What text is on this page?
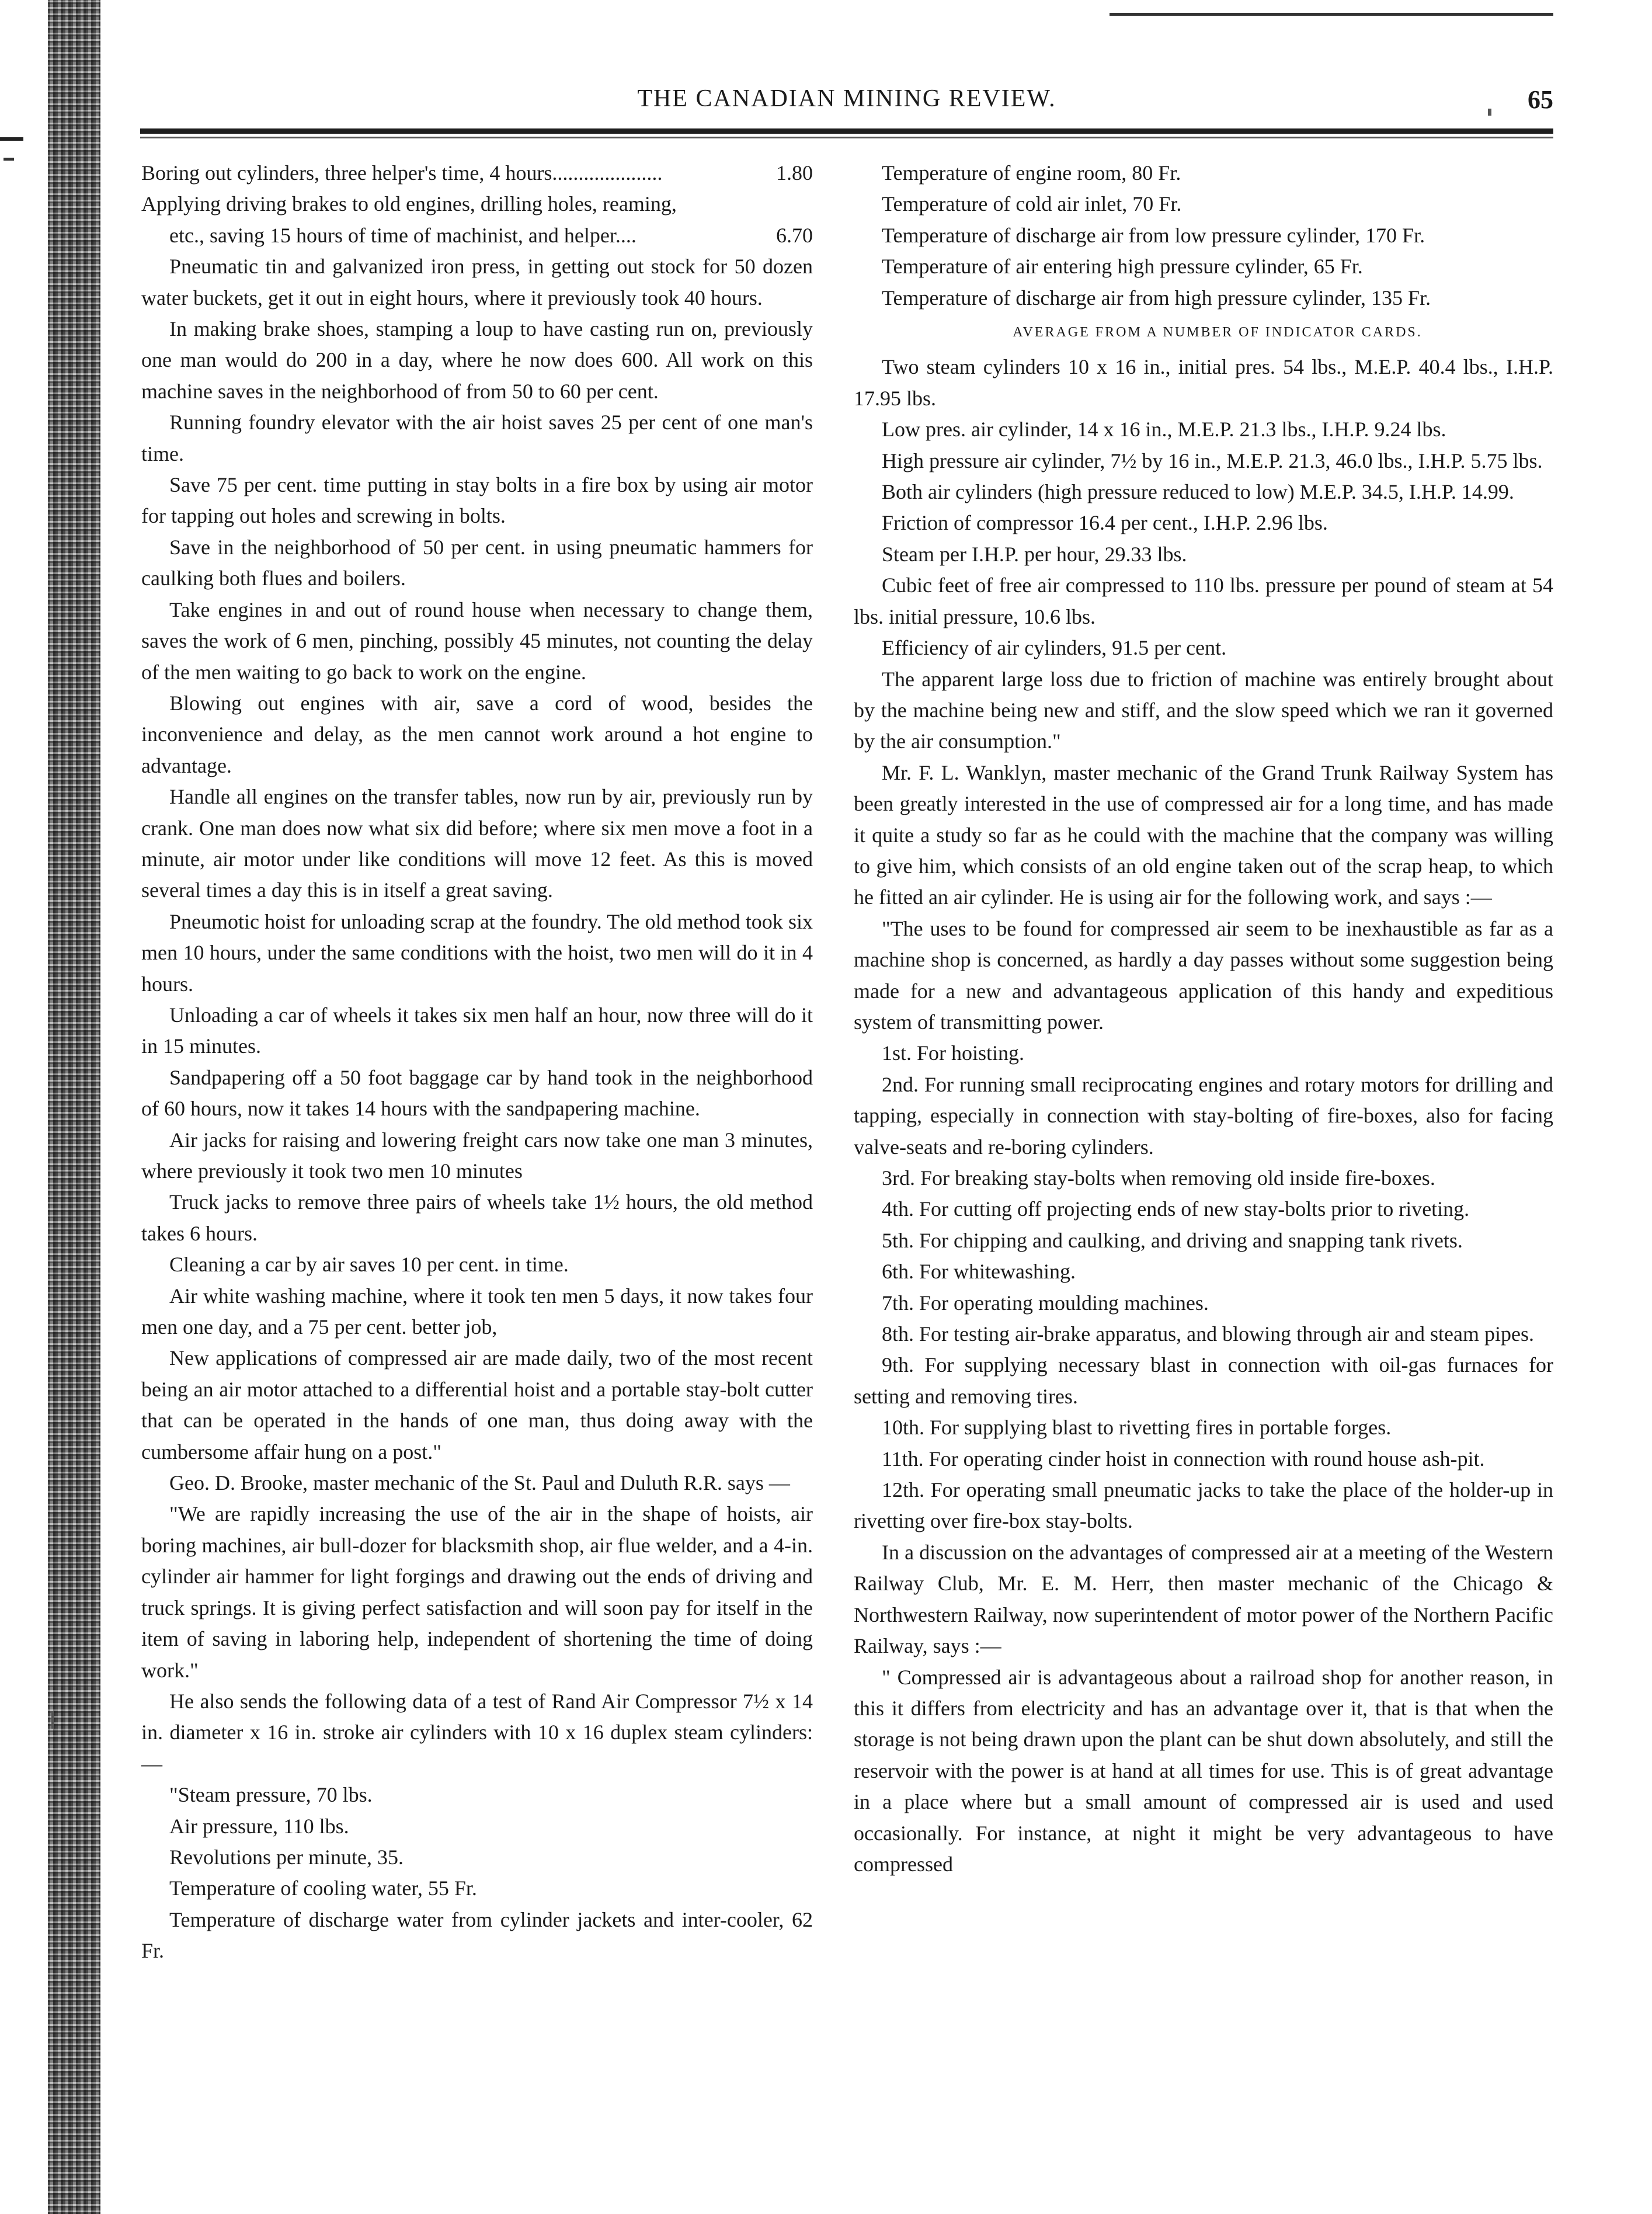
THE CANADIAN MINING REVIEW.	65
Boring out cylinders, three helper's time, 4 hours.....................	1.80
Applying driving brakes to old engines, drilling holes, reaming,
etc., saving 15 hours of time of machinist, and helper....	6.70

Pneumatic tin and galvanized iron press, in getting out stock for 50 dozen water buckets, get it out in eight hours, where it previously took 40 hours.

In making brake shoes, stamping a loup to have casting run on, previously one man would do 200 in a day, where he now does 600. All work on this machine saves in the neighborhood of from 50 to 60 per cent.

Running foundry elevator with the air hoist saves 25 per cent of one man's time.

Save 75 per cent. time putting in stay bolts in a fire box by using air motor for tapping out holes and screwing in bolts.

Save in the neighborhood of 50 per cent. in using pneumatic hammers for caulking both flues and boilers.

Take engines in and out of round house when necessary to change them, saves the work of 6 men, pinching, possibly 45 minutes, not counting the delay of the men waiting to go back to work on the engine.

Blowing out engines with air, save a cord of wood, besides the inconvenience and delay, as the men cannot work around a hot engine to advantage.

Handle all engines on the transfer tables, now run by air, previously run by crank. One man does now what six did before; where six men move a foot in a minute, air motor under like conditions will move 12 feet. As this is moved several times a day this is in itself a great saving.

Pneumotic hoist for unloading scrap at the foundry. The old method took six men 10 hours, under the same conditions with the hoist, two men will do it in 4 hours.

Unloading a car of wheels it takes six men half an hour, now three will do it in 15 minutes.

Sandpapering off a 50 foot baggage car by hand took in the neighborhood of 60 hours, now it takes 14 hours with the sandpapering machine.

Air jacks for raising and lowering freight cars now take one man 3 minutes, where previously it took two men 10 minutes

Truck jacks to remove three pairs of wheels take 1½ hours, the old method takes 6 hours.

Cleaning a car by air saves 10 per cent. in time.

Air white washing machine, where it took ten men 5 days, it now takes four men one day, and a 75 per cent. better job,

New applications of compressed air are made daily, two of the most recent being an air motor attached to a differential hoist and a portable stay-bolt cutter that can be operated in the hands of one man, thus doing away with the cumbersome affair hung on a post."

Geo. D. Brooke, master mechanic of the St. Paul and Duluth R.R. says —

"We are rapidly increasing the use of the air in the shape of hoists, air boring machines, air bull-dozer for blacksmith shop, air flue welder, and a 4-in. cylinder air hammer for light forgings and drawing out the ends of driving and truck springs. It is giving perfect satisfaction and will soon pay for itself in the item of saving in laboring help, independent of shortening the time of doing work."

He also sends the following data of a test of Rand Air Compressor 7½ x 14 in. diameter x 16 in. stroke air cylinders with 10 x 16 duplex steam cylinders:—

"Steam pressure, 70 lbs.

Air pressure, 110 lbs.

Revolutions per minute, 35.

Temperature of cooling water, 55 Fr.

Temperature of discharge water from cylinder jackets and inter-cooler, 62 Fr.

Temperature of engine room, 80 Fr.

Temperature of cold air inlet, 70 Fr.

Temperature of discharge air from low pressure cylinder, 170 Fr.

Temperature of air entering high pressure cylinder, 65 Fr.

Temperature of discharge air from high pressure cylinder, 135 Fr.

AVERAGE FROM A NUMBER OF INDICATOR CARDS.

Two steam cylinders 10 x 16 in., initial pres. 54 lbs., M.E.P. 40.4 lbs., I.H.P. 17.95 lbs.

Low pres. air cylinder, 14 x 16 in., M.E.P. 21.3 lbs., I.H.P. 9.24 lbs.

High pressure air cylinder, 7½ by 16 in., M.E.P. 21.3, 46.0 lbs., I.H.P. 5.75 lbs.

Both air cylinders (high pressure reduced to low) M.E.P. 34.5, I.H.P. 14.99.

Friction of compressor 16.4 per cent., I.H.P. 2.96 lbs.

Steam per I.H.P. per hour, 29.33 lbs.

Cubic feet of free air compressed to 110 lbs. pressure per pound of steam at 54 lbs. initial pressure, 10.6 lbs.

Efficiency of air cylinders, 91.5 per cent.

The apparent large loss due to friction of machine was entirely brought about by the machine being new and stiff, and the slow speed which we ran it governed by the air consumption."

Mr. F. L. Wanklyn, master mechanic of the Grand Trunk Railway System has been greatly interested in the use of compressed air for a long time, and has made it quite a study so far as he could with the machine that the company was willing to give him, which consists of an old engine taken out of the scrap heap, to which he fitted an air cylinder. He is using air for the following work, and says :—

"The uses to be found for compressed air seem to be inexhaustible as far as a machine shop is concerned, as hardly a day passes without some suggestion being made for a new and advantageous application of this handy and expeditious system of transmitting power.

1st. For hoisting.

2nd. For running small reciprocating engines and rotary motors for drilling and tapping, especially in connection with stay-bolting of fire-boxes, also for facing valve-seats and re-boring cylinders.

3rd. For breaking stay-bolts when removing old inside fire-boxes.

4th. For cutting off projecting ends of new stay-bolts prior to riveting.

5th. For chipping and caulking, and driving and snapping tank rivets.

6th. For whitewashing.

7th. For operating moulding machines.

8th. For testing air-brake apparatus, and blowing through air and steam pipes.

9th. For supplying necessary blast in connection with oil-gas furnaces for setting and removing tires.

10th. For supplying blast to rivetting fires in portable forges.

11th. For operating cinder hoist in connection with round house ash-pit.

12th. For operating small pneumatic jacks to take the place of the holder-up in rivetting over fire-box stay-bolts.

In a discussion on the advantages of compressed air at a meeting of the Western Railway Club, Mr. E. M. Herr, then master mechanic of the Chicago & Northwestern Railway, now superintendent of motor power of the Northern Pacific Railway, says :—

" Compressed air is advantageous about a railroad shop for another reason, in this it differs from electricity and has an advantage over it, that is that when the storage is not being drawn upon the plant can be shut down absolutely, and still the reservoir with the power is at hand at all times for use. This is of great advantage in a place where but a small amount of compressed air is used and used occasionally. For instance, at night it might be very advantageous to have compressed
